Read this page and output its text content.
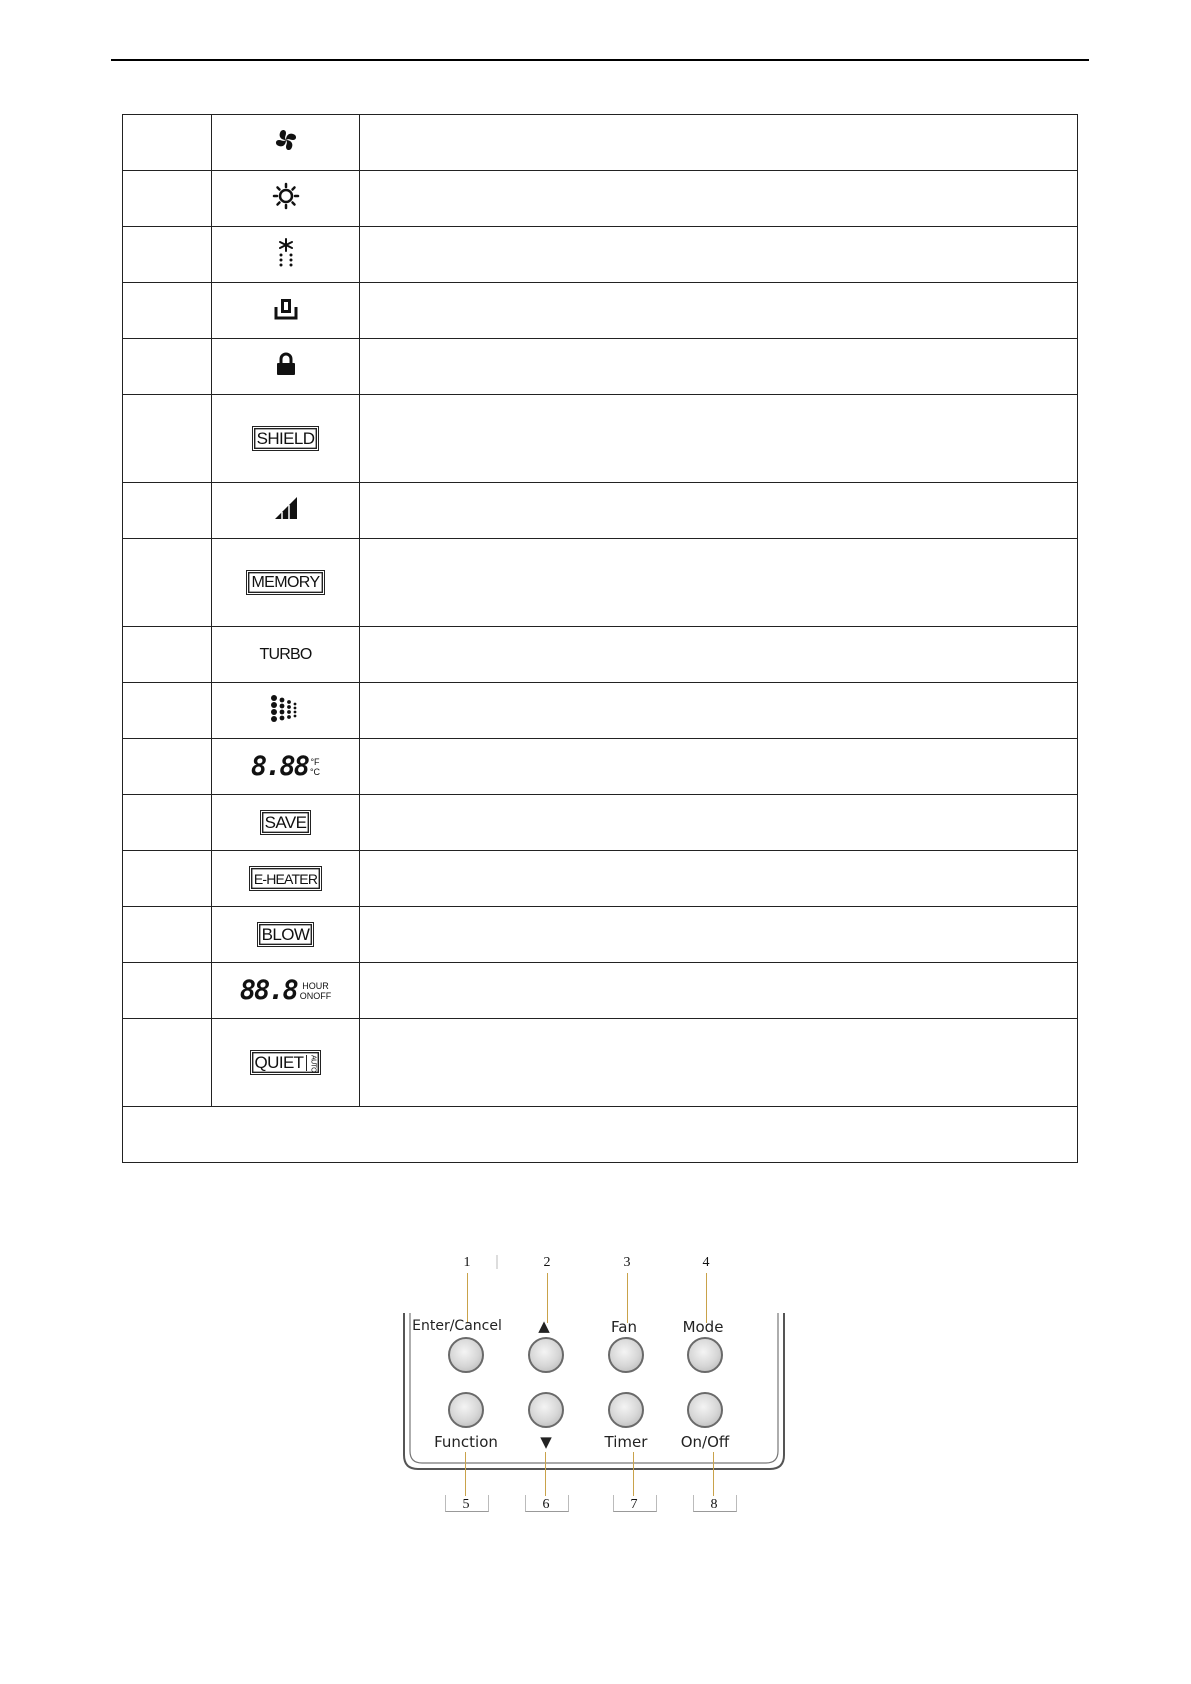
	SHIELD	

	MEMORY	
	TURBO	

	8.88 °F
°C	

	SAVE	
	E-HEATER	
	BLOW	

	88.8 HOUR
ONOFF	

	QUIET AUTO	

1	2	3	4
Enter/Cancel	▲	Fan	Mode
Function	▼	Timer	On/Off
5	6	7	8
